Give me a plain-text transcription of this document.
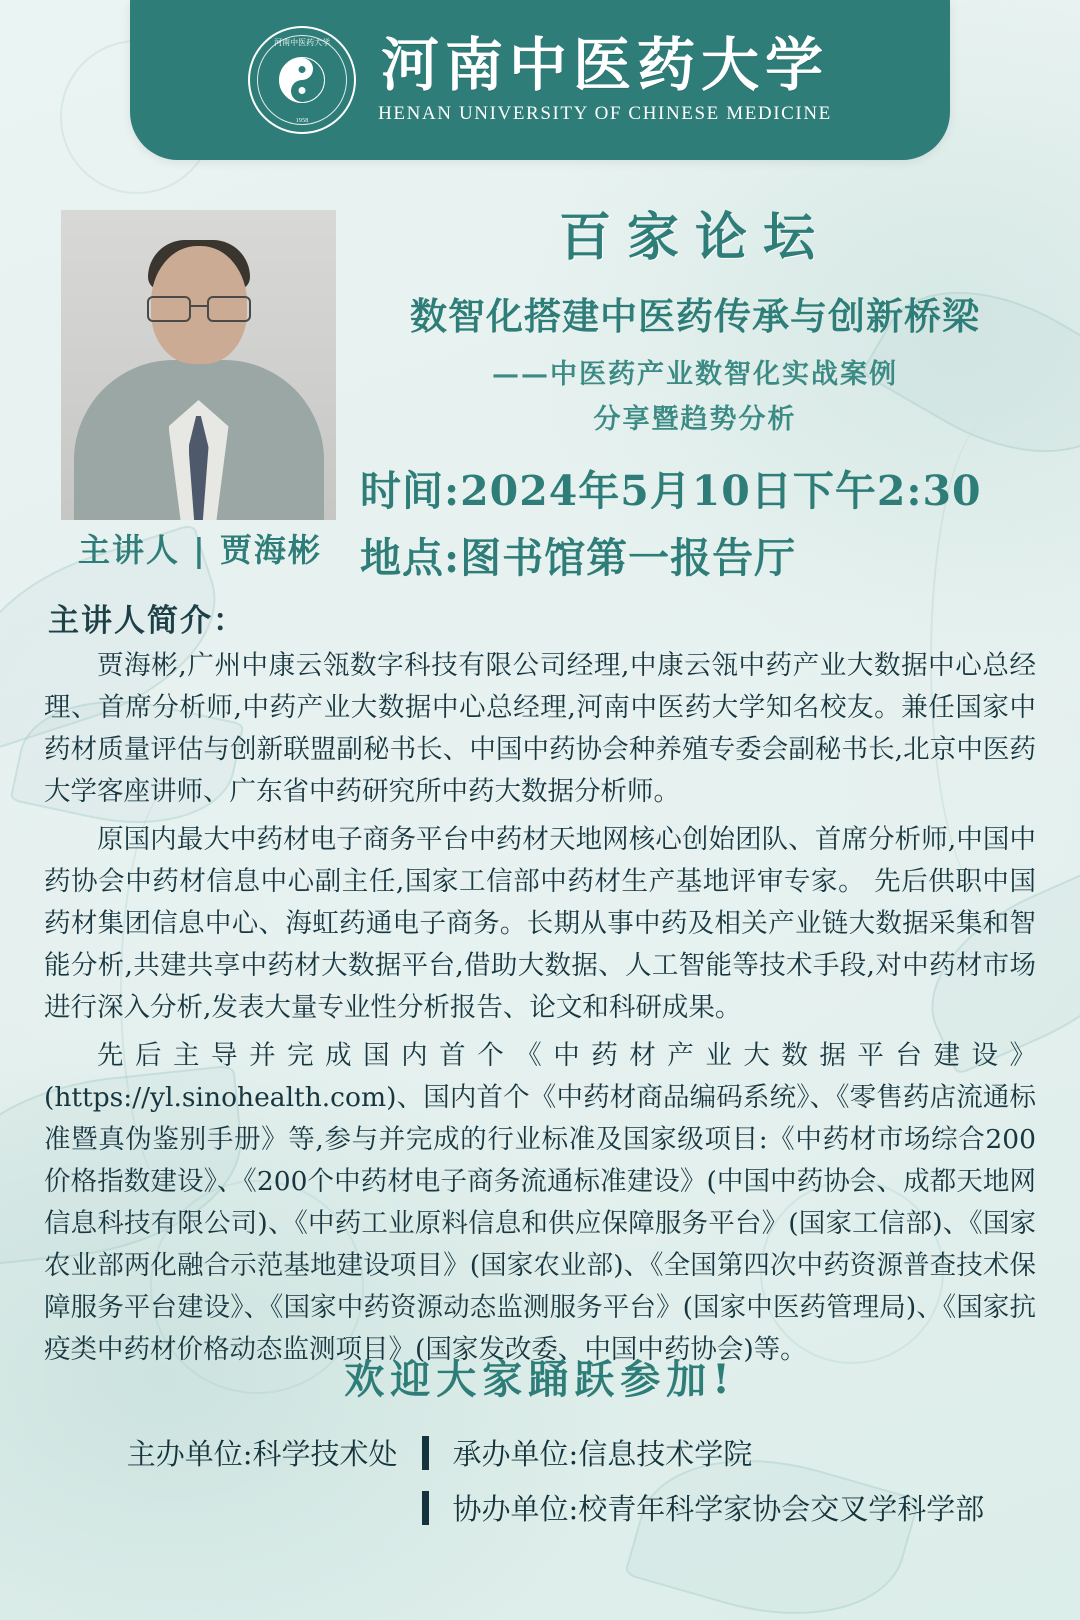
河南中医药大学
1958
河南中医药大学
HENAN UNIVERSITY OF CHINESE MEDICINE
百家论坛
数智化搭建中医药传承与创新桥梁
——中医药产业数智化实战案例
分享暨趋势分析
时间:2024年5月10日下午2:30
地点:图书馆第一报告厅
主讲人 | 贾海彬
主讲人简介：

贾海彬,广州中康云瓴数字科技有限公司经理,中康云瓴中药产业大数据中心总经理、首席分析师,中药产业大数据中心总经理,河南中医药大学知名校友。兼任国家中药材质量评估与创新联盟副秘书长、中国中药协会种养殖专委会副秘书长,北京中医药大学客座讲师、广东省中药研究所中药大数据分析师。

原国内最大中药材电子商务平台中药材天地网核心创始团队、首席分析师,中国中药协会中药材信息中心副主任,国家工信部中药材生产基地评审专家。 先后供职中国药材集团信息中心、海虹药通电子商务。长期从事中药及相关产业链大数据采集和智能分析,共建共享中药材大数据平台,借助大数据、人工智能等技术手段,对中药材市场进行深入分析,发表大量专业性分析报告、论文和科研成果。

先后主导并完成国内首个《中药材产业大数据平台建设》(https://yl.sinohealth.com)、国内首个《中药材商品编码系统》、《零售药店流通标准暨真伪鉴别手册》等,参与并完成的行业标准及国家级项目:《中药材市场综合200价格指数建设》、《200个中药材电子商务流通标准建设》(中国中药协会、成都天地网信息科技有限公司)、《中药工业原料信息和供应保障服务平台》(国家工信部)、《国家农业部两化融合示范基地建设项目》(国家农业部)、《全国第四次中药资源普查技术保障服务平台建设》、《国家中药资源动态监测服务平台》(国家中医药管理局)、《国家抗疫类中药材价格动态监测项目》(国家发改委、中国中药协会)等。

欢迎大家踊跃参加!
主办单位:科学技术处	承办单位:信息技术学院
协办单位:校青年科学家协会交叉学科学部
